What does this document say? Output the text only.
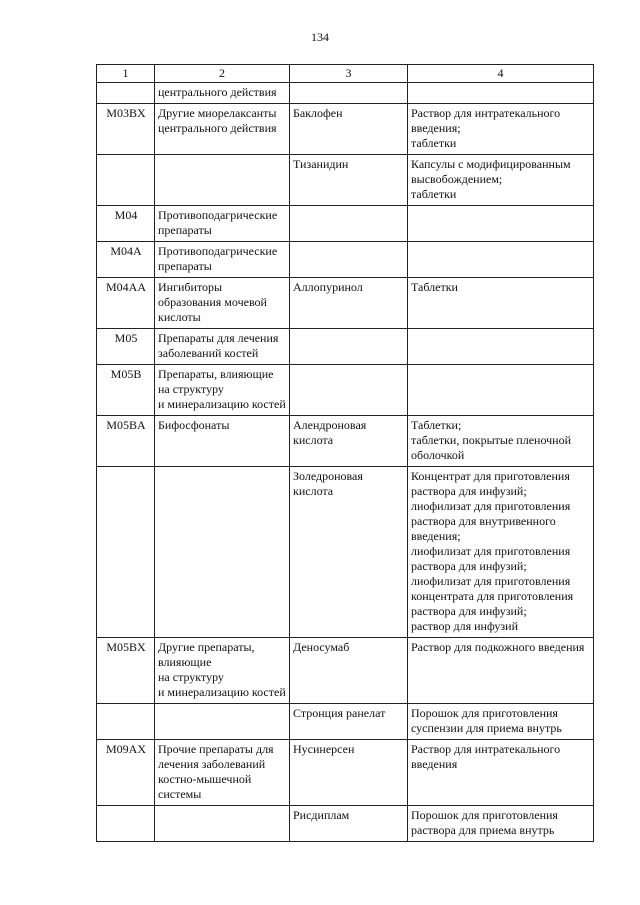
134
1	2	3	4
	центрального действия		
M03BX	Другие миорелаксанты центрального действия	Баклофен	Раствор для интратекального введения;
таблетки
		Тизанидин	Капсулы с модифицированным высвобождением;
таблетки
M04	Противоподагрические препараты		
M04A	Противоподагрические препараты		
M04AA	Ингибиторы образования мочевой кислоты	Аллопуринол	Таблетки
M05	Препараты для лечения заболеваний костей		
M05B	Препараты, влияющие на структуру
и минерализацию костей		
M05BA	Бифосфонаты	Алендроновая кислота	Таблетки;
таблетки, покрытые пленочной оболочкой
		Золедроновая кислота	Концентрат для приготовления раствора для инфузий;
лиофилизат для приготовления раствора для внутривенного введения;
лиофилизат для приготовления раствора для инфузий;
лиофилизат для приготовления концентрата для приготовления раствора для инфузий;
раствор для инфузий
M05BX	Другие препараты, влияющие
на структуру
и минерализацию костей	Деносумаб	Раствор для подкожного введения
		Стронция ранелат	Порошок для приготовления суспензии для приема внутрь
M09AX	Прочие препараты для лечения заболеваний костно-мышечной системы	Нусинерсен	Раствор для интратекального введения
		Рисдиплам	Порошок для приготовления раствора для приема внутрь
